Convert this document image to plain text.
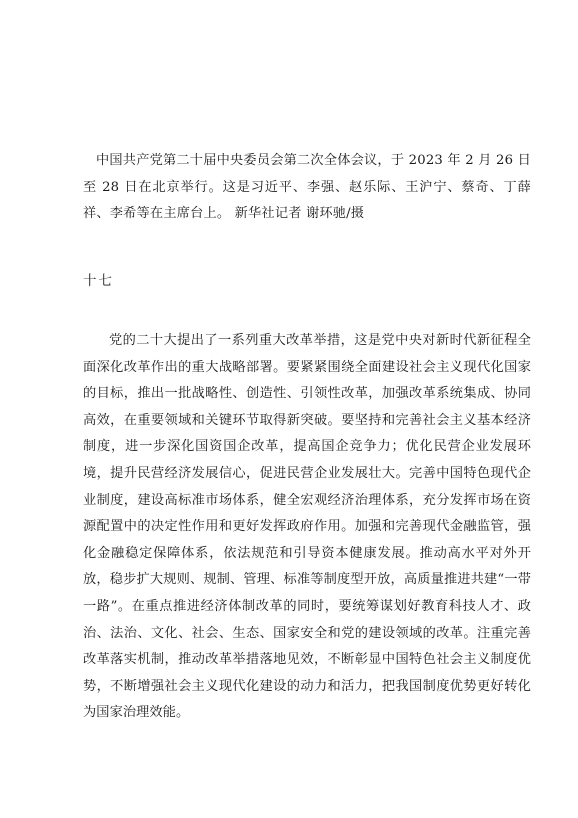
中国共产党第二十届中央委员会第二次全体会议，于 2023 年 2 月 26 日至 28 日在北京举行。这是习近平、李强、赵乐际、王沪宁、蔡奇、丁薛祥、李希等在主席台上。 新华社记者 谢环驰/摄

十七

党的二十大提出了一系列重大改革举措，这是党中央对新时代新征程全面深化改革作出的重大战略部署。要紧紧围绕全面建设社会主义现代化国家的目标，推出一批战略性、创造性、引领性改革，加强改革系统集成、协同高效，在重要领域和关键环节取得新突破。要坚持和完善社会主义基本经济制度，进一步深化国资国企改革，提高国企竞争力；优化民营企业发展环境，提升民营经济发展信心，促进民营企业发展壮大。完善中国特色现代企业制度，建设高标准市场体系，健全宏观经济治理体系，充分发挥市场在资源配置中的决定性作用和更好发挥政府作用。加强和完善现代金融监管，强化金融稳定保障体系，依法规范和引导资本健康发展。推动高水平对外开放，稳步扩大规则、规制、管理、标准等制度型开放，高质量推进共建“一带一路”。在重点推进经济体制改革的同时，要统筹谋划好教育科技人才、政治、法治、文化、社会、生态、国家安全和党的建设领域的改革。注重完善改革落实机制，推动改革举措落地见效，不断彰显中国特色社会主义制度优势，不断增强社会主义现代化建设的动力和活力，把我国制度优势更好转化为国家治理效能。
